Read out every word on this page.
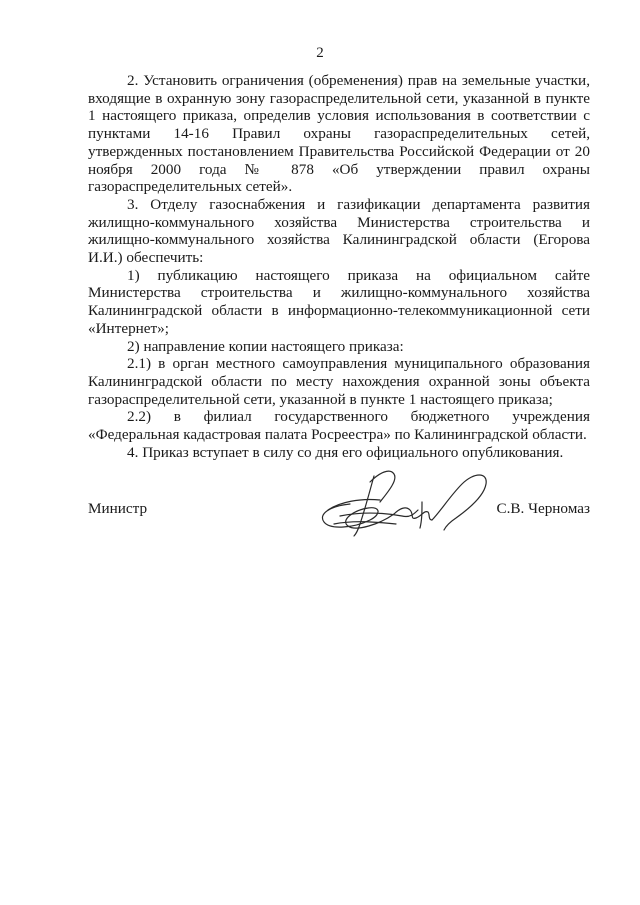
2

2. Установить ограничения (обременения) прав на земельные участки, входящие в охранную зону газораспределительной сети, указанной в пункте 1 настоящего приказа, определив условия использования в соответствии с пунктами 14-16 Правил охраны газораспределительных сетей, утвержденных постановлением Правительства Российской Федерации от 20 ноября 2000 года № 878 «Об утверждении правил охраны газораспределительных сетей».

3. Отделу газоснабжения и газификации департамента развития жилищно-коммунального хозяйства Министерства строительства и жилищно-коммунального хозяйства Калининградской области (Егорова И.И.) обеспечить:

1) публикацию настоящего приказа на официальном сайте Министерства строительства и жилищно-коммунального хозяйства Калининградской области в информационно-телекоммуникационной сети «Интернет»;

2) направление копии настоящего приказа:

2.1) в орган местного самоуправления муниципального образования Калининградской области по месту нахождения охранной зоны объекта газораспределительной сети, указанной в пункте 1 настоящего приказа;

2.2) в филиал государственного бюджетного учреждения «Федеральная кадастровая палата Росреестра» по Калининградской области.

4. Приказ вступает в силу со дня его официального опубликования.

Министр	С.В. Черномаз
